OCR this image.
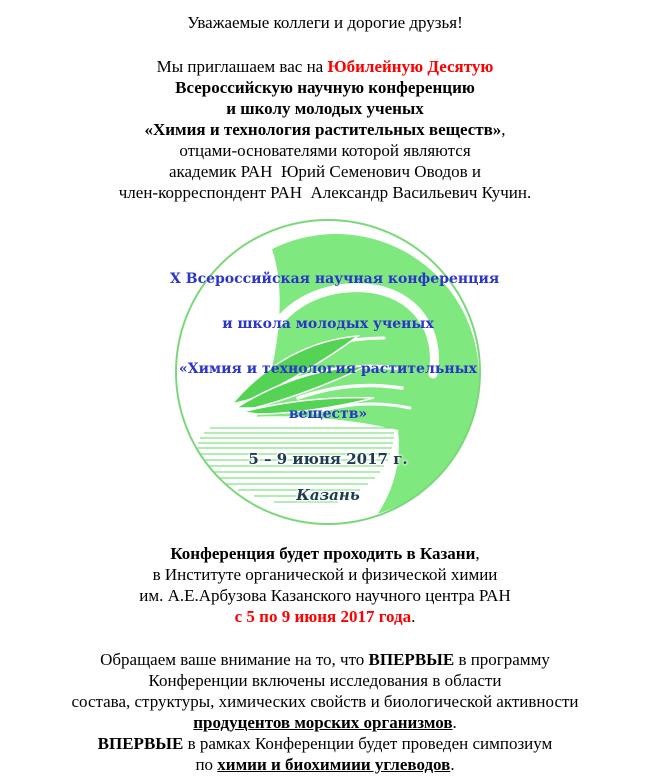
Уважаемые коллеги и дорогие друзья!
Мы приглашаем вас на Юбилейную Десятую
Всероссийскую научную конференцию
и школу молодых ученых
«Химия и технология растительных веществ»,
отцами-основателями которой являются
академик РАН  Юрий Семенович Оводов и
член-корреспондент РАН  Александр Васильевич Кучин.
X Всероссийская научная конференция
и школа молодых ученых
«Химия и технология растительных
веществ»
5 – 9 июня 2017 г.
Казань
Конференция будет проходить в Казани,
в Институте органической и физической химии
им. А.Е.Арбузова Казанского научного центра РАН
с 5 по 9 июня 2017 года.
Обращаем ваше внимание на то, что ВПЕРВЫЕ в программу
Конференции включены исследования в области
состава, структуры, химических свойств и биологической активности
продуцентов морских организмов.
ВПЕРВЫЕ в рамках Конференции будет проведен симпозиум
по химии и биохимиии углеводов.
